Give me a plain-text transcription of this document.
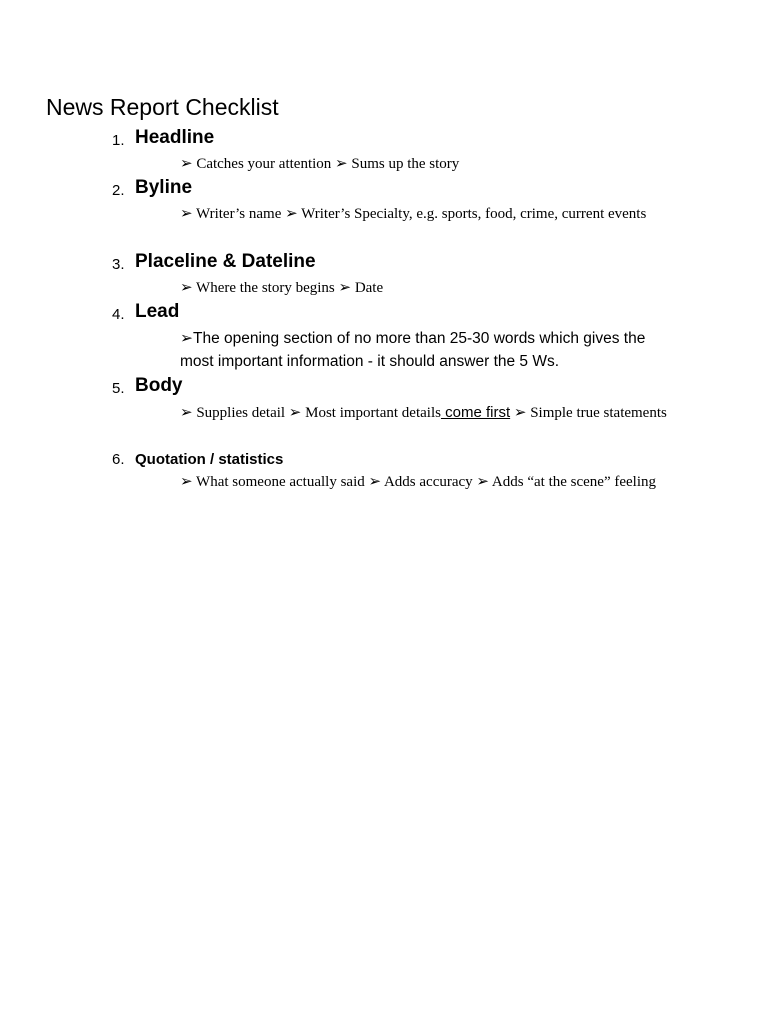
News Report Checklist
1. Headline
➢ Catches your attention ➢ Sums up the story
2. Byline
➢ Writer’s name ➢ Writer’s Specialty, e.g. sports, food, crime, current events
3. Placeline & Dateline
➢ Where the story begins ➢ Date
4. Lead
➢The opening section of no more than 25-30 words which gives the most important information - it should answer the 5 Ws.
5. Body
➢ Supplies detail ➢ Most important details come first ➢ Simple true statements
6. Quotation / statistics
➢ What someone actually said ➢ Adds accuracy ➢ Adds “at the scene” feeling
